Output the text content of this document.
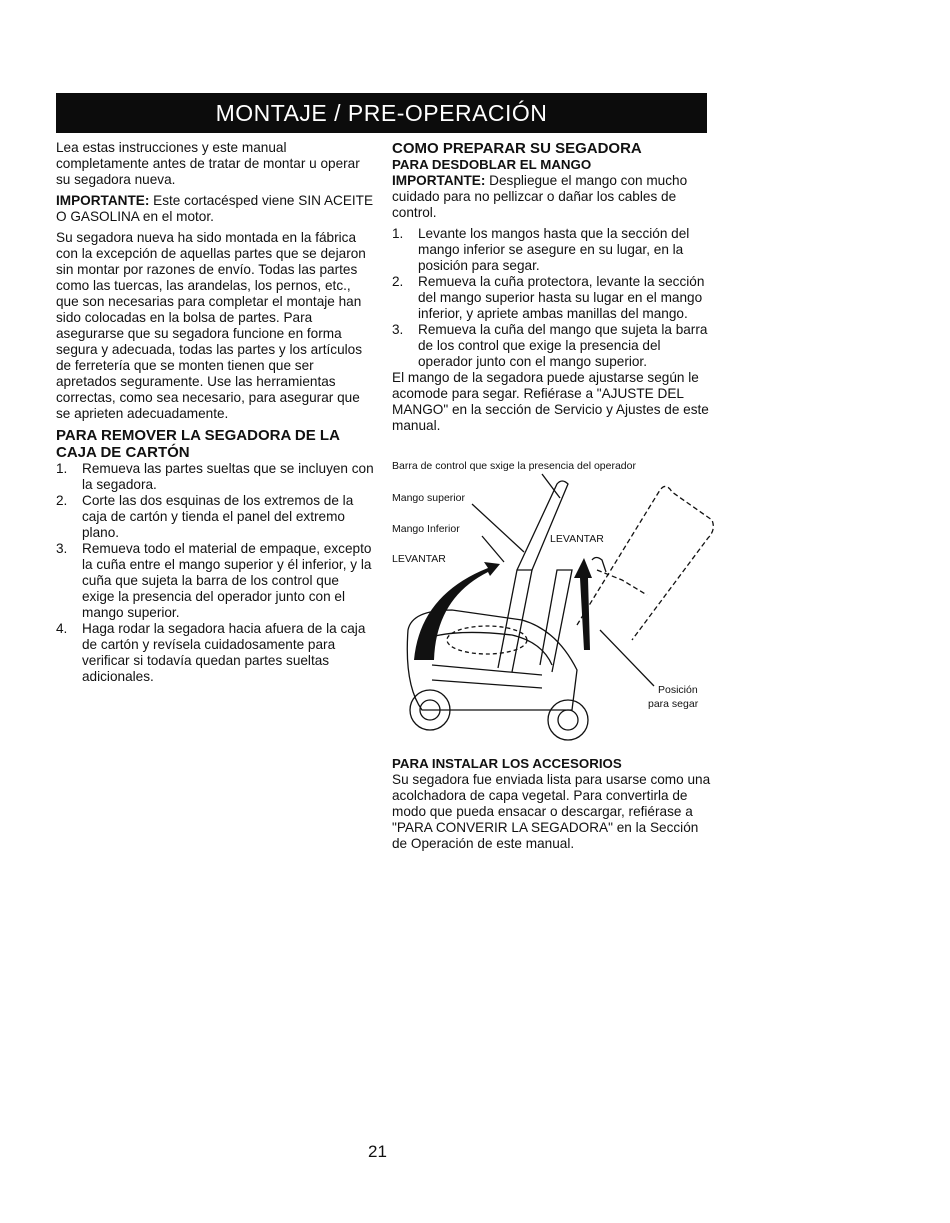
MONTAJE / PRE-OPERACIÓN

Lea estas instrucciones y este manual completamente antes de tratar de montar u operar su segadora nueva.

IMPORTANTE: Este cortacésped viene SIN ACEITE O GASOLINA en el motor.

Su segadora nueva ha sido montada en la fábrica con la excepción de aquellas partes que se dejaron sin montar por razones de envío. Todas las partes como las tuercas, las arandelas, los pernos, etc., que son necesarias para completar el montaje han sido colocadas en la bolsa de partes. Para asegurarse que su segadora funcione en forma segura y adecuada, todas las partes y los artículos de ferretería que se monten tienen que ser apretados seguramente. Use las herramientas correctas, como sea necesario, para asegurar que se aprieten adecuadamente.

PARA REMOVER LA SEGADORA DE LA CAJA DE CARTÓN
1. Remueva las partes sueltas que se incluyen con la segadora.
2. Corte las dos esquinas de los extremos de la caja de cartón y tienda el panel del extremo plano.
3. Remueva todo el material de empaque, excepto la cuña entre el mango superior y él inferior, y la cuña que sujeta la barra de los control que exige la presencia del operador junto con el mango superior.
4. Haga rodar la segadora hacia afuera de la caja de cartón y revísela cuidadosamente para verificar si todavía quedan partes sueltas adicionales.
COMO PREPARAR SU SEGADORA
PARA DESDOBLAR EL MANGO

IMPORTANTE: Despliegue el mango con mucho cuidado para no pellizcar o dañar los cables de control.

1. Levante los mangos hasta que la sección del mango inferior se asegure en su lugar, en la posición para segar.
2. Remueva la cuña protectora, levante la sección del mango superior hasta su lugar en el mango inferior, y apriete ambas manillas del mango.
3. Remueva la cuña del mango que sujeta la barra de los control que exige la presencia del operador junto con el mango superior.

El mango de la segadora puede ajustarse según le acomode para segar. Refiérase a "AJUSTE DEL MANGO" en la sección de Servicio y Ajustes de este manual.

Barra de control que sxige la presencia del operador
Mango superior
Mango Inferior
LEVANTAR
LEVANTAR
Posición
para segar
PARA INSTALAR LOS ACCESORIOS

Su segadora fue enviada lista para usarse como una acolchadora de capa vegetal. Para convertirla de modo que pueda ensacar o descargar, refiérase a "PARA CONVERIR LA SEGADORA" en la Sección de Operación de este manual.

21
